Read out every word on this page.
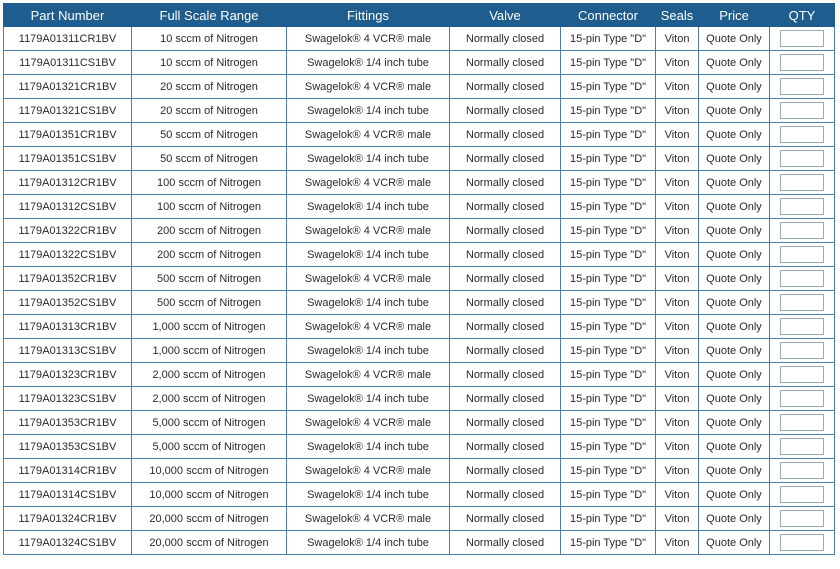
Part Number	Full Scale Range	Fittings	Valve	Connector	Seals	Price	QTY
1179A01311CR1BV	10 sccm of Nitrogen	Swagelok® 4 VCR® male	Normally closed	15-pin Type "D"	Viton	Quote Only	
1179A01311CS1BV	10 sccm of Nitrogen	Swagelok® 1/4 inch tube	Normally closed	15-pin Type "D"	Viton	Quote Only	
1179A01321CR1BV	20 sccm of Nitrogen	Swagelok® 4 VCR® male	Normally closed	15-pin Type "D"	Viton	Quote Only	
1179A01321CS1BV	20 sccm of Nitrogen	Swagelok® 1/4 inch tube	Normally closed	15-pin Type "D"	Viton	Quote Only	
1179A01351CR1BV	50 sccm of Nitrogen	Swagelok® 4 VCR® male	Normally closed	15-pin Type "D"	Viton	Quote Only	
1179A01351CS1BV	50 sccm of Nitrogen	Swagelok® 1/4 inch tube	Normally closed	15-pin Type "D"	Viton	Quote Only	
1179A01312CR1BV	100 sccm of Nitrogen	Swagelok® 4 VCR® male	Normally closed	15-pin Type "D"	Viton	Quote Only	
1179A01312CS1BV	100 sccm of Nitrogen	Swagelok® 1/4 inch tube	Normally closed	15-pin Type "D"	Viton	Quote Only	
1179A01322CR1BV	200 sccm of Nitrogen	Swagelok® 4 VCR® male	Normally closed	15-pin Type "D"	Viton	Quote Only	
1179A01322CS1BV	200 sccm of Nitrogen	Swagelok® 1/4 inch tube	Normally closed	15-pin Type "D"	Viton	Quote Only	
1179A01352CR1BV	500 sccm of Nitrogen	Swagelok® 4 VCR® male	Normally closed	15-pin Type "D"	Viton	Quote Only	
1179A01352CS1BV	500 sccm of Nitrogen	Swagelok® 1/4 inch tube	Normally closed	15-pin Type "D"	Viton	Quote Only	
1179A01313CR1BV	1,000 sccm of Nitrogen	Swagelok® 4 VCR® male	Normally closed	15-pin Type "D"	Viton	Quote Only	
1179A01313CS1BV	1,000 sccm of Nitrogen	Swagelok® 1/4 inch tube	Normally closed	15-pin Type "D"	Viton	Quote Only	
1179A01323CR1BV	2,000 sccm of Nitrogen	Swagelok® 4 VCR® male	Normally closed	15-pin Type "D"	Viton	Quote Only	
1179A01323CS1BV	2,000 sccm of Nitrogen	Swagelok® 1/4 inch tube	Normally closed	15-pin Type "D"	Viton	Quote Only	
1179A01353CR1BV	5,000 sccm of Nitrogen	Swagelok® 4 VCR® male	Normally closed	15-pin Type "D"	Viton	Quote Only	
1179A01353CS1BV	5,000 sccm of Nitrogen	Swagelok® 1/4 inch tube	Normally closed	15-pin Type "D"	Viton	Quote Only	
1179A01314CR1BV	10,000 sccm of Nitrogen	Swagelok® 4 VCR® male	Normally closed	15-pin Type "D"	Viton	Quote Only	
1179A01314CS1BV	10,000 sccm of Nitrogen	Swagelok® 1/4 inch tube	Normally closed	15-pin Type "D"	Viton	Quote Only	
1179A01324CR1BV	20,000 sccm of Nitrogen	Swagelok® 4 VCR® male	Normally closed	15-pin Type "D"	Viton	Quote Only	
1179A01324CS1BV	20,000 sccm of Nitrogen	Swagelok® 1/4 inch tube	Normally closed	15-pin Type "D"	Viton	Quote Only	
